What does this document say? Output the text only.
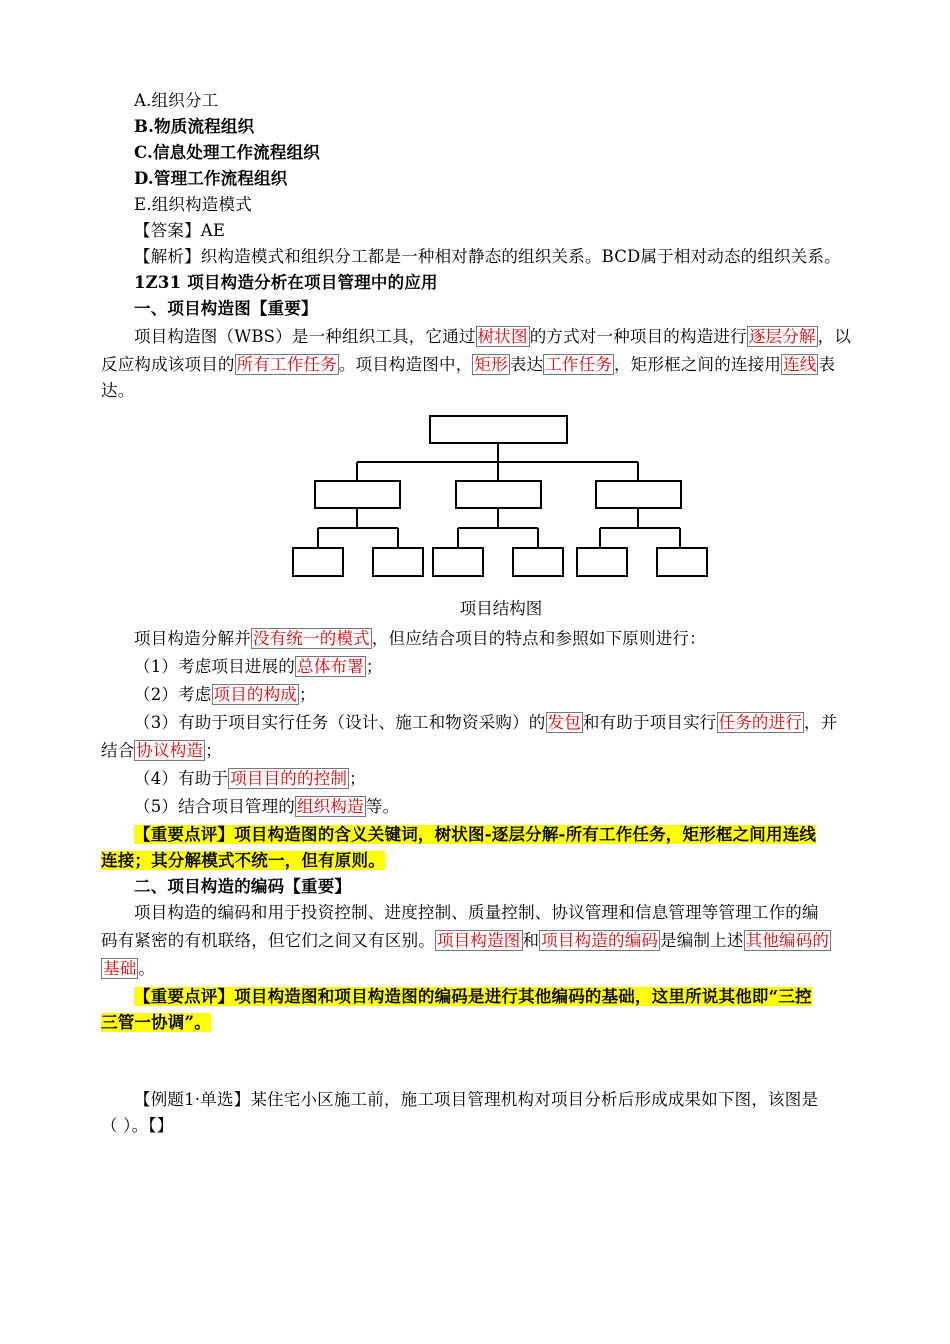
A.组织分工
B.物质流程组织
C.信息处理工作流程组织
D.管理工作流程组织
E.组织构造模式
【答案】AE
【解析】织构造模式和组织分工都是一种相对静态的组织关系。BCD属于相对动态的组织关系。
1Z31 项目构造分析在项目管理中的应用
一、项目构造图【重要】
项目构造图（WBS）是一种组织工具，它通过 树状图 的方式对一种项目的构造进行 逐层分解 ，以
反应构成该项目的 所有工作任务 。项目构造图中， 矩形 表达 工作任务 ，矩形框之间的连接用 连线 表
达。
项目结构图
项目构造分解并 没有统一的模式 ，但应结合项目的特点和参照如下原则进行：
（1）考虑项目进展的 总体布署 ；
（2）考虑 项目的构成 ；
（3）有助于项目实行任务（设计、施工和物资采购）的 发包 和有助于项目实行 任务的进行 ，并
结合 协议构造 ；
（4）有助于 项目目的的控制 ；
（5）结合项目管理的 组织构造 等。
【重要点评】项目构造图的含义关键词，树状图-逐层分解-所有工作任务，矩形框之间用连线
连接；其分解模式不统一，但有原则。
二、项目构造的编码【重要】
项目构造的编码和用于投资控制、进度控制、质量控制、协议管理和信息管理等管理工作的编
码有紧密的有机联络，但它们之间又有区别。 项目构造图 和 项目构造的编码 是编制上述 其他编码的
基础 。
【重要点评】项目构造图和项目构造图的编码是进行其他编码的基础，这里所说其他即“三控
三管一协调”。
【例题1·单选】某住宅小区施工前，施工项目管理机构对项目分析后形成成果如下图，该图是
（ ）。【】
